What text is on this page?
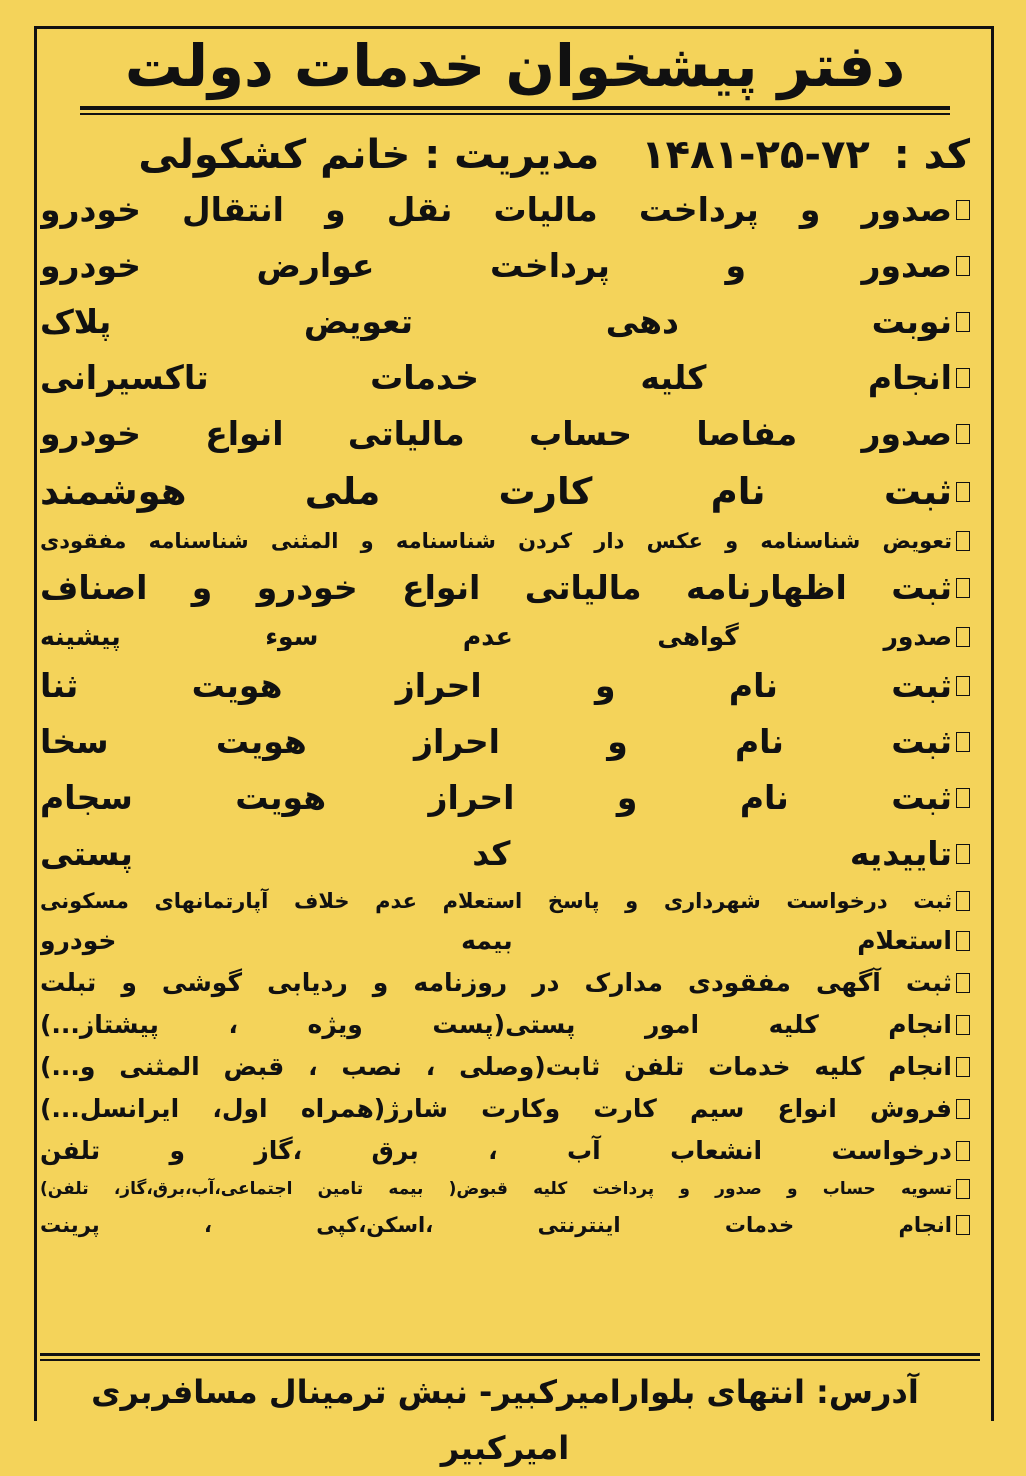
دفتر پیشخوان خدمات دولت
کد : ۱۴۸۱-۲۵-۷۲ مدیریت : خانم کشکولی
صدور و پرداخت مالیات نقل و انتقال خودرو
صدور و پرداخت عوارض خودرو
نوبت دهی تعویض پلاک
انجام کلیه خدمات تاکسیرانی
صدور مفاصا حساب مالیاتی انواع خودرو
ثبت نام کارت ملی هوشمند
تعویض شناسنامه و عکس دار کردن شناسنامه و المثنی شناسنامه مفقودی
ثبت اظهارنامه مالیاتی انواع خودرو و اصناف
صدور گواهی عدم سوء پیشینه
ثبت نام و احراز هویت ثنا
ثبت نام و احراز هویت سخا
ثبت نام و احراز هویت سجام
تاییدیه کد پستی
ثبت درخواست شهرداری و پاسخ استعلام عدم خلاف آپارتمانهای مسکونی
استعلام بیمه خودرو
ثبت آگهی مفقودی مدارک در روزنامه و ردیابی گوشی و تبلت
انجام کلیه امور پستی(پست ویژه ، پیشتاز...)
انجام کلیه خدمات تلفن ثابت(وصلی ، نصب ، قبض المثنی و...)
فروش انواع سیم کارت وکارت شارژ(همراه اول، ایرانسل...)
درخواست انشعاب آب ، برق ،گاز و تلفن
تسویه حساب و صدور و پرداخت کلیه قبوض( بیمه تامین اجتماعی،آب،برق،گاز، تلفن)
انجام خدمات اینترنتی ،اسکن،کپی ، پرینت
آدرس: انتهای بلوارامیرکبیر- نبش ترمینال مسافربری امیرکبیر
